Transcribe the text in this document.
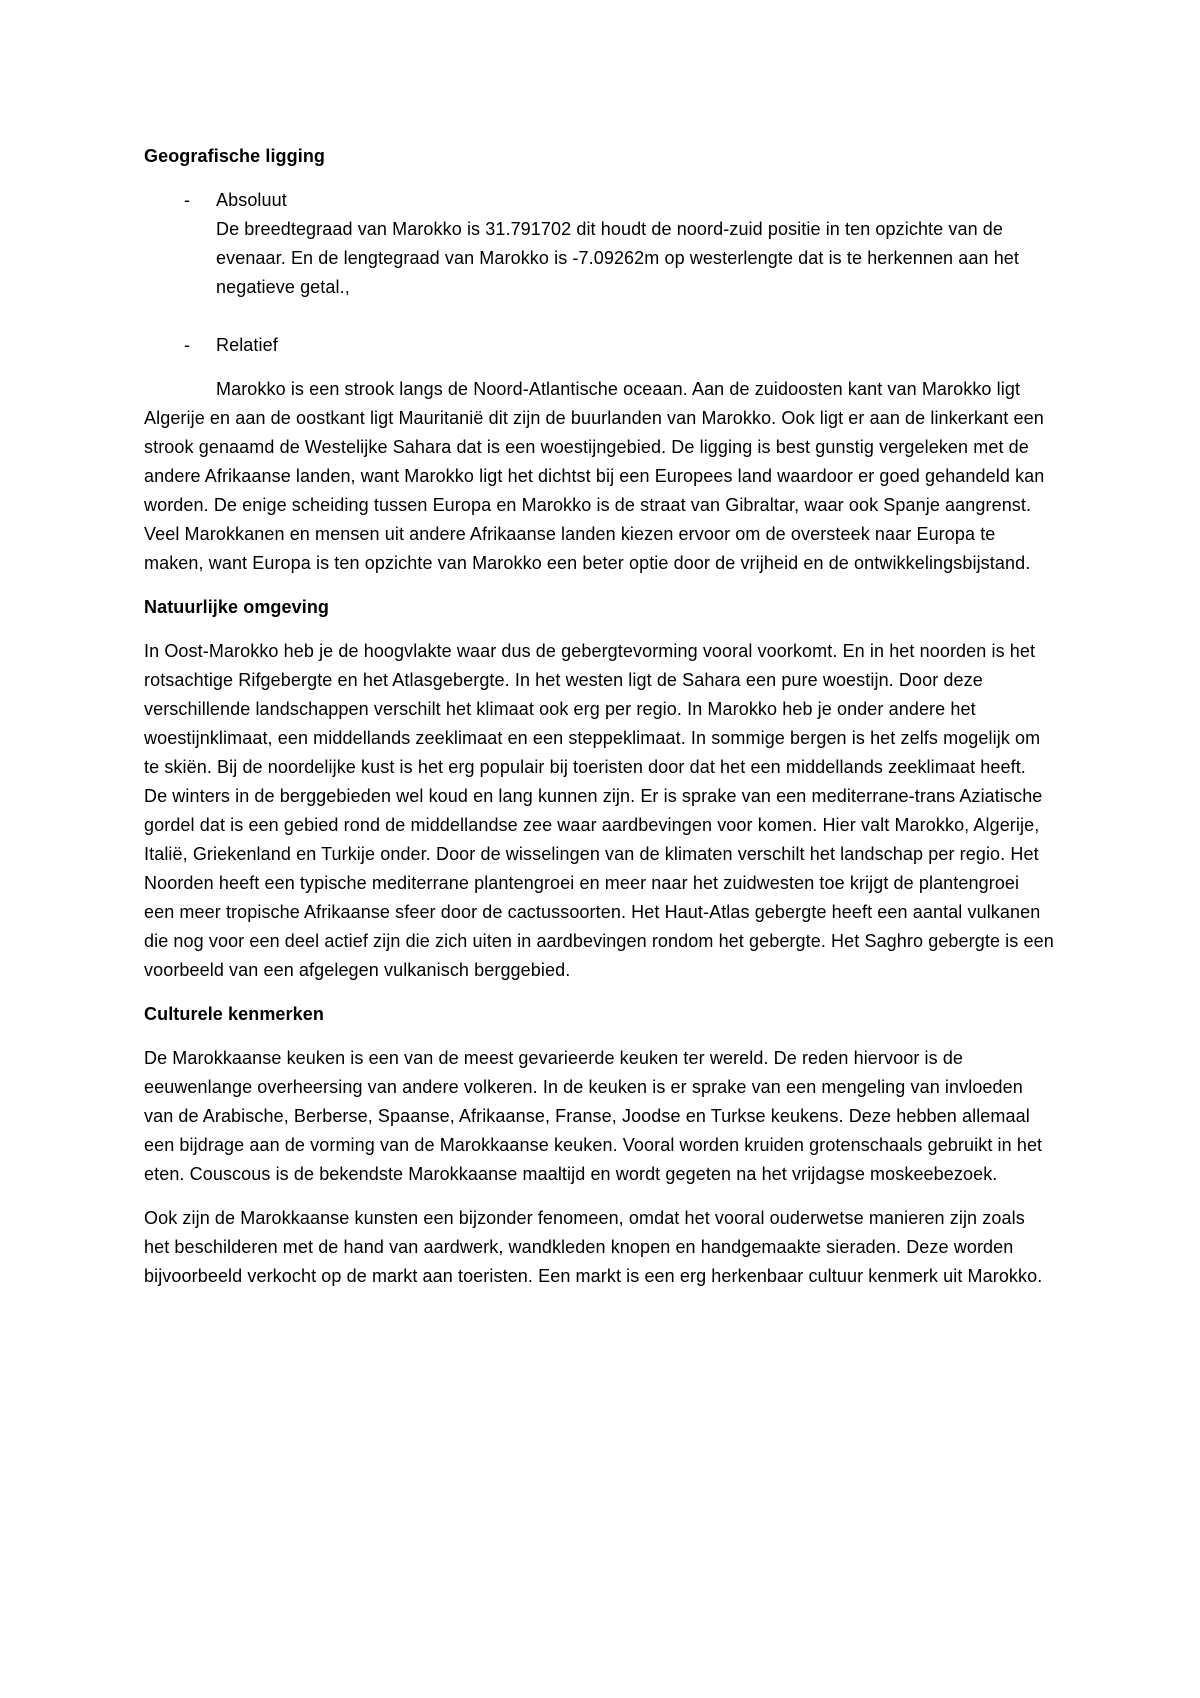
Geografische ligging

- Absoluut
De breedtegraad van Marokko is 31.791702 dit houdt de noord-zuid positie in ten opzichte van de evenaar. En de lengtegraad van Marokko is -7.09262m op westerlengte dat is te herkennen aan het negatieve getal.,
- Relatief

Marokko is een strook langs de Noord-Atlantische oceaan. Aan de zuidoosten kant van Marokko ligt Algerije en aan de oostkant ligt Mauritanië dit zijn de buurlanden van Marokko. Ook ligt er aan de linkerkant een strook genaamd de Westelijke Sahara dat is een woestijngebied. De ligging is best gunstig vergeleken met de andere Afrikaanse landen, want Marokko ligt het dichtst bij een Europees land waardoor er goed gehandeld kan worden. De enige scheiding tussen Europa en Marokko is de straat van Gibraltar, waar ook Spanje aangrenst. Veel Marokkanen en mensen uit andere Afrikaanse landen kiezen ervoor om de oversteek naar Europa te maken, want Europa is ten opzichte van Marokko een beter optie door de vrijheid en de ontwikkelingsbijstand.

Natuurlijke omgeving

In Oost-Marokko heb je de hoogvlakte waar dus de gebergtevorming vooral voorkomt. En in het noorden is het rotsachtige Rifgebergte en het Atlasgebergte. In het westen ligt de Sahara een pure woestijn. Door deze verschillende landschappen verschilt het klimaat ook erg per regio. In Marokko heb je onder andere het woestijnklimaat, een middellands zeeklimaat en een steppeklimaat. In sommige bergen is het zelfs mogelijk om te skiën. Bij de noordelijke kust is het erg populair bij toeristen door dat het een middellands zeeklimaat heeft. De winters in de berggebieden wel koud en lang kunnen zijn. Er is sprake van een mediterrane-trans Aziatische gordel dat is een gebied rond de middellandse zee waar aardbevingen voor komen. Hier valt Marokko, Algerije, Italië, Griekenland en Turkije onder. Door de wisselingen van de klimaten verschilt het landschap per regio. Het Noorden heeft een typische mediterrane plantengroei en meer naar het zuidwesten toe krijgt de plantengroei een meer tropische Afrikaanse sfeer door de cactussoorten. Het Haut-Atlas gebergte heeft een aantal vulkanen die nog voor een deel actief zijn die zich uiten in aardbevingen rondom het gebergte. Het Saghro gebergte is een voorbeeld van een afgelegen vulkanisch berggebied.

Culturele kenmerken

De Marokkaanse keuken is een van de meest gevarieerde keuken ter wereld. De reden hiervoor is de eeuwenlange overheersing van andere volkeren. In de keuken is er sprake van een mengeling van invloeden van de Arabische, Berberse, Spaanse, Afrikaanse, Franse, Joodse en Turkse keukens. Deze hebben allemaal een bijdrage aan de vorming van de Marokkaanse keuken. Vooral worden kruiden grotenschaals gebruikt in het eten. Couscous is de bekendste Marokkaanse maaltijd en wordt gegeten na het vrijdagse moskeebezoek.

Ook zijn de Marokkaanse kunsten een bijzonder fenomeen, omdat het vooral ouderwetse manieren zijn zoals het beschilderen met de hand van aardwerk, wandkleden knopen en handgemaakte sieraden. Deze worden bijvoorbeeld verkocht op de markt aan toeristen. Een markt is een erg herkenbaar cultuur kenmerk uit Marokko.
